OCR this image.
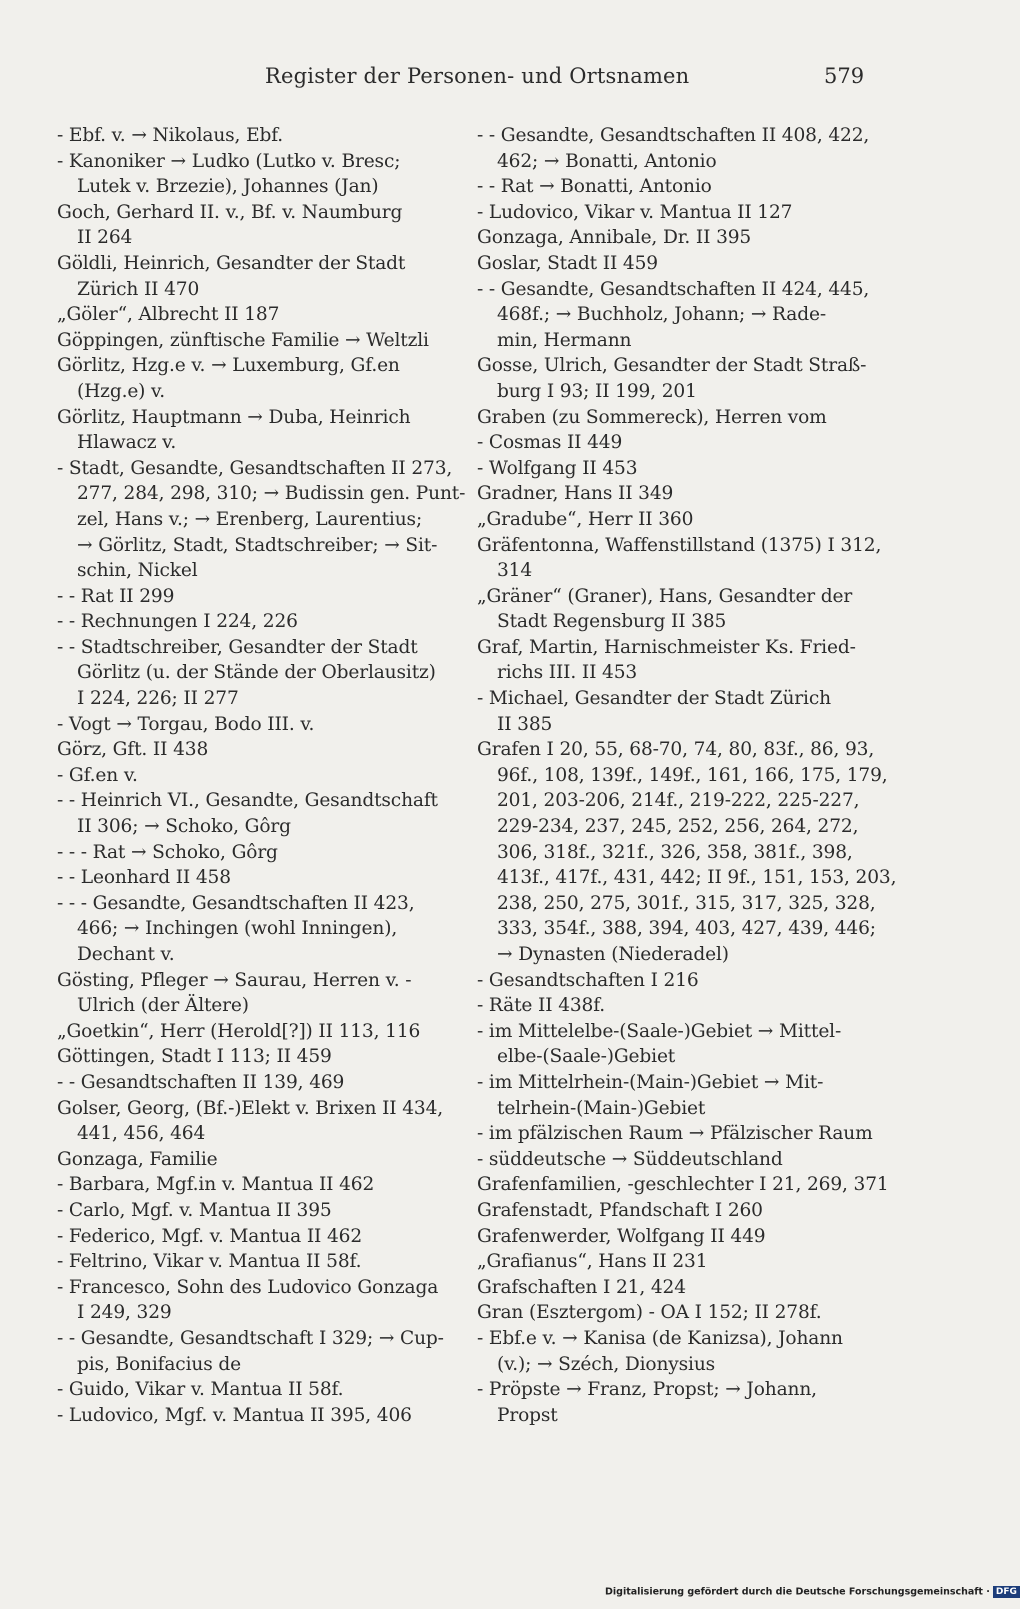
Register der Personen- und Ortsnamen	579
- Ebf. v. → Nikolaus, Ebf.
- Kanoniker → Ludko (Lutko v. Bresc;
Lutek v. Brzezie), Johannes (Jan)
Goch, Gerhard II. v., Bf. v. Naumburg
II 264
Göldli, Heinrich, Gesandter der Stadt
Zürich II 470
„Göler“, Albrecht II 187
Göppingen, zünftische Familie → Weltzli
Görlitz, Hzg.e v. → Luxemburg, Gf.en
(Hzg.e) v.
Görlitz, Hauptmann → Duba, Heinrich
Hlawacz v.
- Stadt, Gesandte, Gesandtschaften II 273,
277, 284, 298, 310; → Budissin gen. Punt-
zel, Hans v.; → Erenberg, Laurentius;
→ Görlitz, Stadt, Stadtschreiber; → Sit-
schin, Nickel
- - Rat II 299
- - Rechnungen I 224, 226
- - Stadtschreiber, Gesandter der Stadt
Görlitz (u. der Stände der Oberlausitz)
I 224, 226; II 277
- Vogt → Torgau, Bodo III. v.
Görz, Gft. II 438
- Gf.en v.
- - Heinrich VI., Gesandte, Gesandtschaft
II 306; → Schoko, Gôrg
- - - Rat → Schoko, Gôrg
- - Leonhard II 458
- - - Gesandte, Gesandtschaften II 423,
466; → Inchingen (wohl Inningen),
Dechant v.
Gösting, Pfleger → Saurau, Herren v. -
Ulrich (der Ältere)
„Goetkin“, Herr (Herold[?]) II 113, 116
Göttingen, Stadt I 113; II 459
- - Gesandtschaften II 139, 469
Golser, Georg, (Bf.-)Elekt v. Brixen II 434,
441, 456, 464
Gonzaga, Familie
- Barbara, Mgf.in v. Mantua II 462
- Carlo, Mgf. v. Mantua II 395
- Federico, Mgf. v. Mantua II 462
- Feltrino, Vikar v. Mantua II 58f.
- Francesco, Sohn des Ludovico Gonzaga
I 249, 329
- - Gesandte, Gesandtschaft I 329; → Cup-
pis, Bonifacius de
- Guido, Vikar v. Mantua II 58f.
- Ludovico, Mgf. v. Mantua II 395, 406
- - Gesandte, Gesandtschaften II 408, 422,
462; → Bonatti, Antonio
- - Rat → Bonatti, Antonio
- Ludovico, Vikar v. Mantua II 127
Gonzaga, Annibale, Dr. II 395
Goslar, Stadt II 459
- - Gesandte, Gesandtschaften II 424, 445,
468f.; → Buchholz, Johann; → Rade-
min, Hermann
Gosse, Ulrich, Gesandter der Stadt Straß-
burg I 93; II 199, 201
Graben (zu Sommereck), Herren vom
- Cosmas II 449
- Wolfgang II 453
Gradner, Hans II 349
„Gradube“, Herr II 360
Gräfentonna, Waffenstillstand (1375) I 312,
314
„Gräner“ (Graner), Hans, Gesandter der
Stadt Regensburg II 385
Graf, Martin, Harnischmeister Ks. Fried-
richs III. II 453
- Michael, Gesandter der Stadt Zürich
II 385
Grafen I 20, 55, 68-70, 74, 80, 83f., 86, 93,
96f., 108, 139f., 149f., 161, 166, 175, 179,
201, 203-206, 214f., 219-222, 225-227,
229-234, 237, 245, 252, 256, 264, 272,
306, 318f., 321f., 326, 358, 381f., 398,
413f., 417f., 431, 442; II 9f., 151, 153, 203,
238, 250, 275, 301f., 315, 317, 325, 328,
333, 354f., 388, 394, 403, 427, 439, 446;
→ Dynasten (Niederadel)
- Gesandtschaften I 216
- Räte II 438f.
- im Mittelelbe-(Saale-)Gebiet → Mittel-
elbe-(Saale-)Gebiet
- im Mittelrhein-(Main-)Gebiet → Mit-
telrhein-(Main-)Gebiet
- im pfälzischen Raum → Pfälzischer Raum
- süddeutsche → Süddeutschland
Grafenfamilien, -geschlechter I 21, 269, 371
Grafenstadt, Pfandschaft I 260
Grafenwerder, Wolfgang II 449
„Grafianus“, Hans II 231
Grafschaften I 21, 424
Gran (Esztergom) - OA I 152; II 278f.
- Ebf.e v. → Kanisa (de Kanizsa), Johann
(v.); → Széch, Dionysius
- Pröpste → Franz, Propst; → Johann,
Propst
Digitalisierung gefördert durch die Deutsche Forschungsgemeinschaft · DFG
